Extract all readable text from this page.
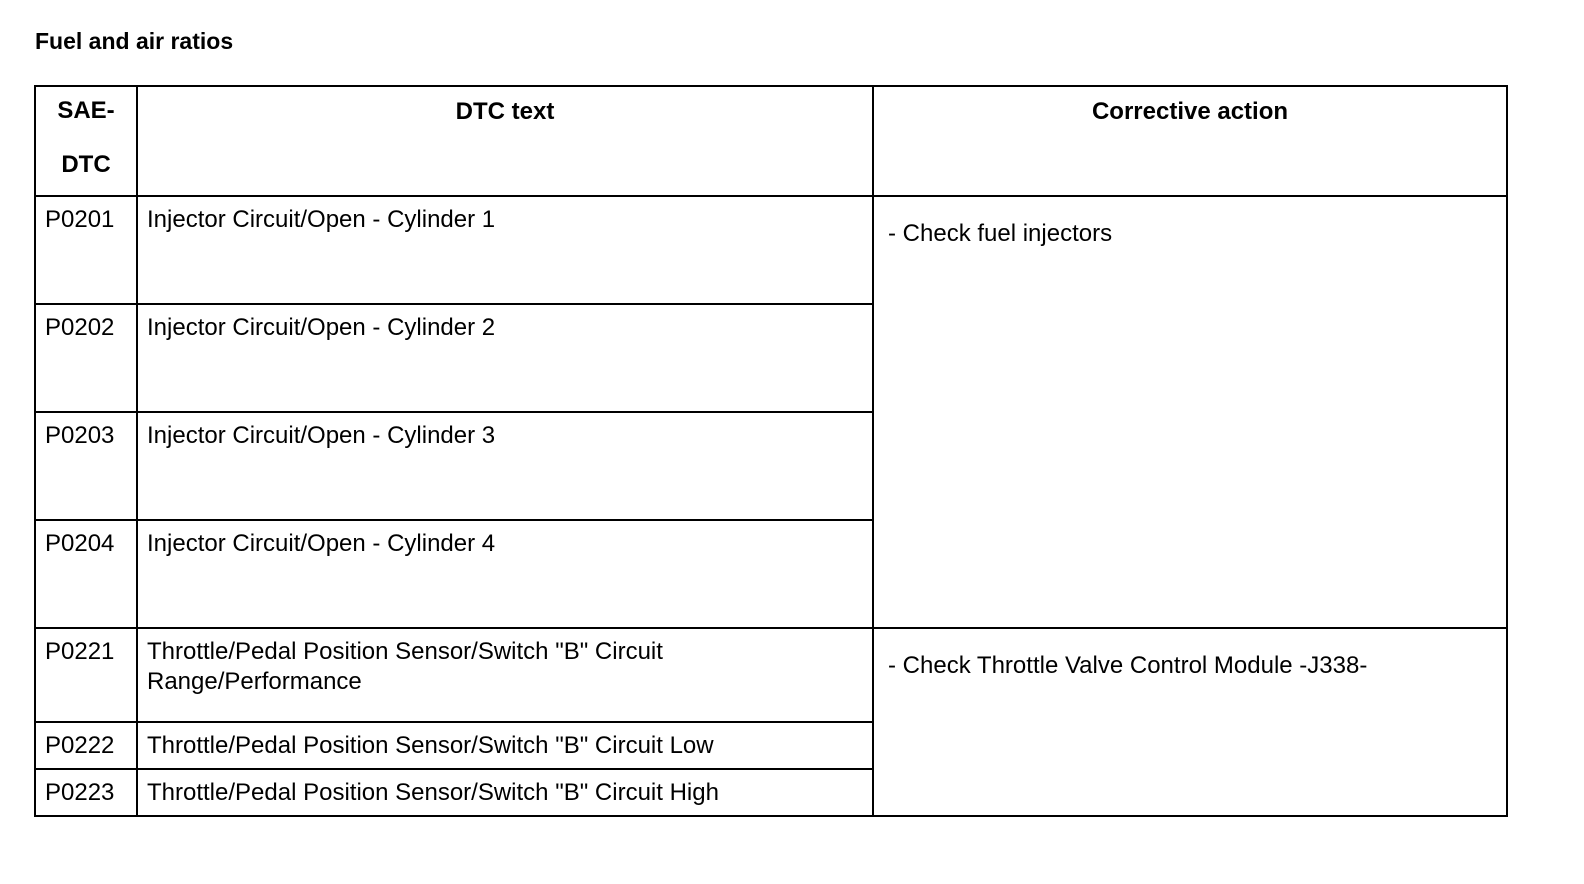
Fuel and air ratios
SAE-
DTC	DTC text	Corrective action

P0201	Injector Circuit/Open - Cylinder 1	- Check fuel injectors

P0202	Injector Circuit/Open - Cylinder 2	

P0203	Injector Circuit/Open - Cylinder 3	

P0204	Injector Circuit/Open - Cylinder 4	

P0221	Throttle/Pedal Position Sensor/Switch "B" Circuit Range/Performance	- Check Throttle Valve Control Module -J338-

P0222	Throttle/Pedal Position Sensor/Switch "B" Circuit Low	

P0223	Throttle/Pedal Position Sensor/Switch "B" Circuit High	
